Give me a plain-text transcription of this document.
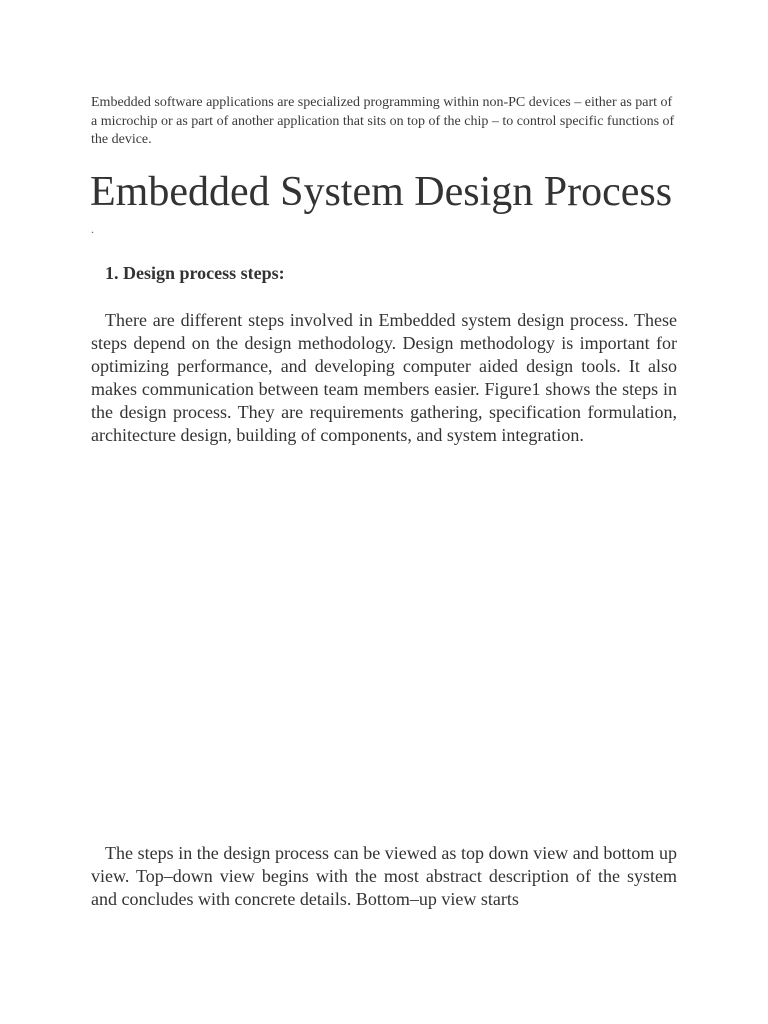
Embedded software applications are specialized programming within non-PC devices – either as part of a microchip or as part of another application that sits on top of the chip – to control specific functions of the device.

Embedded System Design Process

.

1. Design process steps:

There are different steps involved in Embedded system design process. These steps depend on the design methodology. Design methodology is important for optimizing performance, and developing computer aided design tools. It also makes communication between team members easier. Figure1 shows the steps in the design process. They are requirements gathering, specification formulation, architecture design, building of components, and system integration.

The steps in the design process can be viewed as top down view and bottom up view. Top–down view begins with the most abstract description of the system and concludes with concrete details. Bottom–up view starts
